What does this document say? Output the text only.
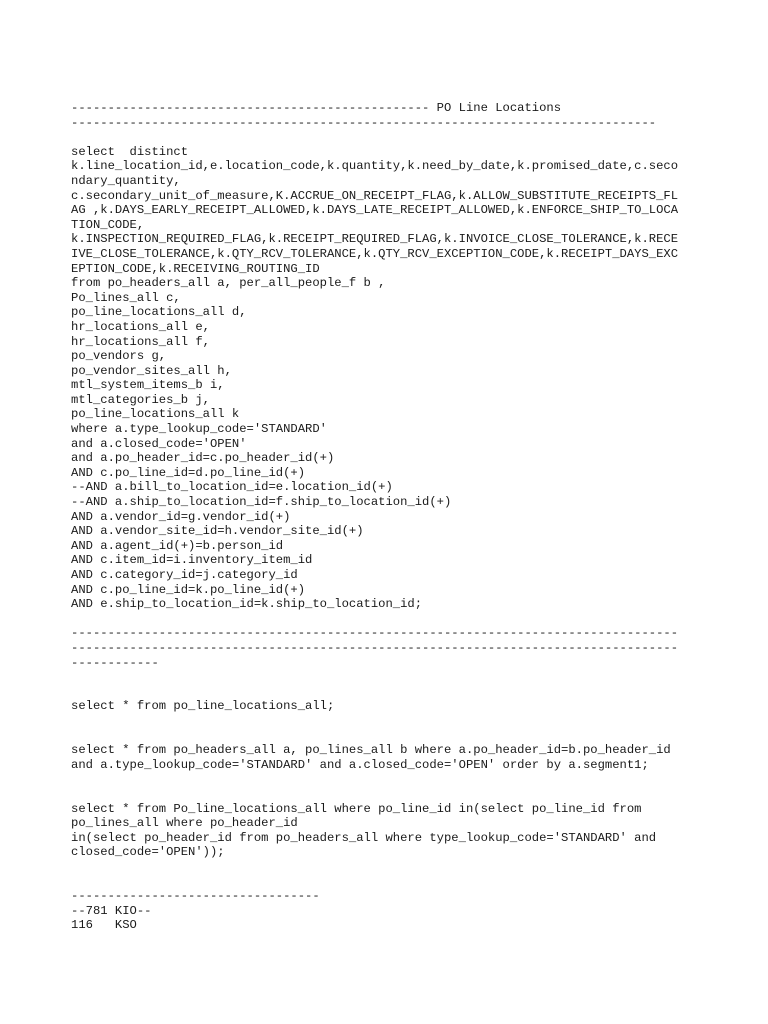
------------------------------------------------- PO Line Locations
--------------------------------------------------------------------------------
select  distinct
k.line_location_id,e.location_code,k.quantity,k.need_by_date,k.promised_date,c.seco
ndary_quantity,
c.secondary_unit_of_measure,K.ACCRUE_ON_RECEIPT_FLAG,k.ALLOW_SUBSTITUTE_RECEIPTS_FL
AG ,k.DAYS_EARLY_RECEIPT_ALLOWED,k.DAYS_LATE_RECEIPT_ALLOWED,k.ENFORCE_SHIP_TO_LOCA
TION_CODE,
k.INSPECTION_REQUIRED_FLAG,k.RECEIPT_REQUIRED_FLAG,k.INVOICE_CLOSE_TOLERANCE,k.RECE
IVE_CLOSE_TOLERANCE,k.QTY_RCV_TOLERANCE,k.QTY_RCV_EXCEPTION_CODE,k.RECEIPT_DAYS_EXC
EPTION_CODE,k.RECEIVING_ROUTING_ID
from po_headers_all a, per_all_people_f b ,
Po_lines_all c,
po_line_locations_all d,
hr_locations_all e,
hr_locations_all f,
po_vendors g,
po_vendor_sites_all h,
mtl_system_items_b i,
mtl_categories_b j,
po_line_locations_all k
where a.type_lookup_code='STANDARD'
and a.closed_code='OPEN'
and a.po_header_id=c.po_header_id(+)
AND c.po_line_id=d.po_line_id(+)
--AND a.bill_to_location_id=e.location_id(+)
--AND a.ship_to_location_id=f.ship_to_location_id(+)
AND a.vendor_id=g.vendor_id(+)
AND a.vendor_site_id=h.vendor_site_id(+)
AND a.agent_id(+)=b.person_id
AND c.item_id=i.inventory_item_id
AND c.category_id=j.category_id
AND c.po_line_id=k.po_line_id(+)
AND e.ship_to_location_id=k.ship_to_location_id;
-----------------------------------------------------------------------------------
-----------------------------------------------------------------------------------
------------
select * from po_line_locations_all;
select * from po_headers_all a, po_lines_all b where a.po_header_id=b.po_header_id
and a.type_lookup_code='STANDARD' and a.closed_code='OPEN' order by a.segment1;
select * from Po_line_locations_all where po_line_id in(select po_line_id from
po_lines_all where po_header_id
in(select po_header_id from po_headers_all where type_lookup_code='STANDARD' and
closed_code='OPEN'));
----------------------------------
--781 KIO--
116   KSO
